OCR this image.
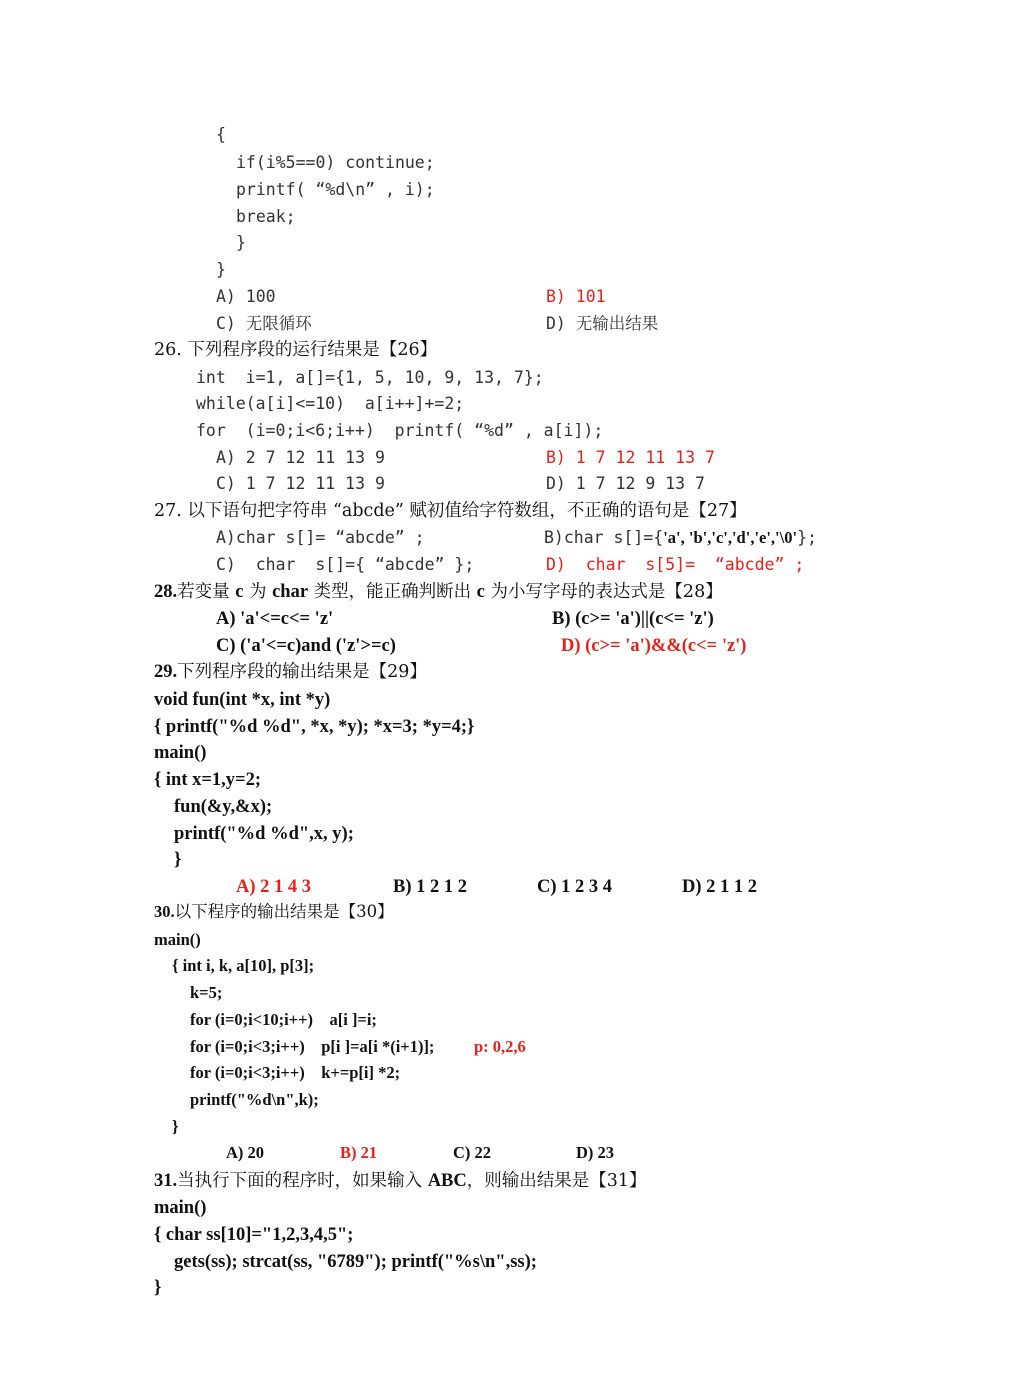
{
if(i%5==0) continue;
printf( “%d\n” , i);
break;
}
}
A) 100	B) 101
C) 无限循环	D) 无输出结果
26. 下列程序段的运行结果是【26】
int  i=1, a[]={1, 5, 10, 9, 13, 7};
while(a[i]<=10)  a[i++]+=2;
for  (i=0;i<6;i++)  printf( “%d” , a[i]);
A) 2 7 12 11 13 9	B) 1 7 12 11 13 7
C) 1 7 12 11 13 9	D) 1 7 12 9 13 7
27. 以下语句把字符串 “abcde” 赋初值给字符数组，不正确的语句是【27】
A)char s[]= “abcde” ;	B)char s[]={'a', 'b','c','d','e','\0'};
C)  char  s[]={ “abcde” };	D)  char  s[5]=  “abcde” ;
28.若变量 c 为 char 类型，能正确判断出 c 为小写字母的表达式是【28】
A) 'a'<=c<= 'z'	B) (c>= 'a')||(c<= 'z')
C) ('a'<=c)and ('z'>=c)	D) (c>= 'a')&&(c<= 'z')
29.下列程序段的输出结果是【29】
void fun(int *x, int *y)
{ printf("%d %d", *x, *y); *x=3; *y=4;}
main()
{ int x=1,y=2;
fun(&y,&x);
printf("%d %d",x, y);
}
A) 2 1 4 3	B) 1 2 1 2	C) 1 2 3 4	D) 2 1 1 2
30.以下程序的输出结果是【30】
main()
{ int i, k, a[10], p[3];
k=5;
for (i=0;i<10;i++)    a[i ]=i;
for (i=0;i<3;i++)    p[i ]=a[i *(i+1)]; p: 0,2,6
for (i=0;i<3;i++)    k+=p[i] *2;
printf("%d\n",k);
}
A) 20	B) 21	C) 22	D) 23
31.当执行下面的程序时，如果输入 ABC，则输出结果是【31】
main()
{ char ss[10]="1,2,3,4,5";
gets(ss); strcat(ss, "6789"); printf("%s\n",ss);
}
